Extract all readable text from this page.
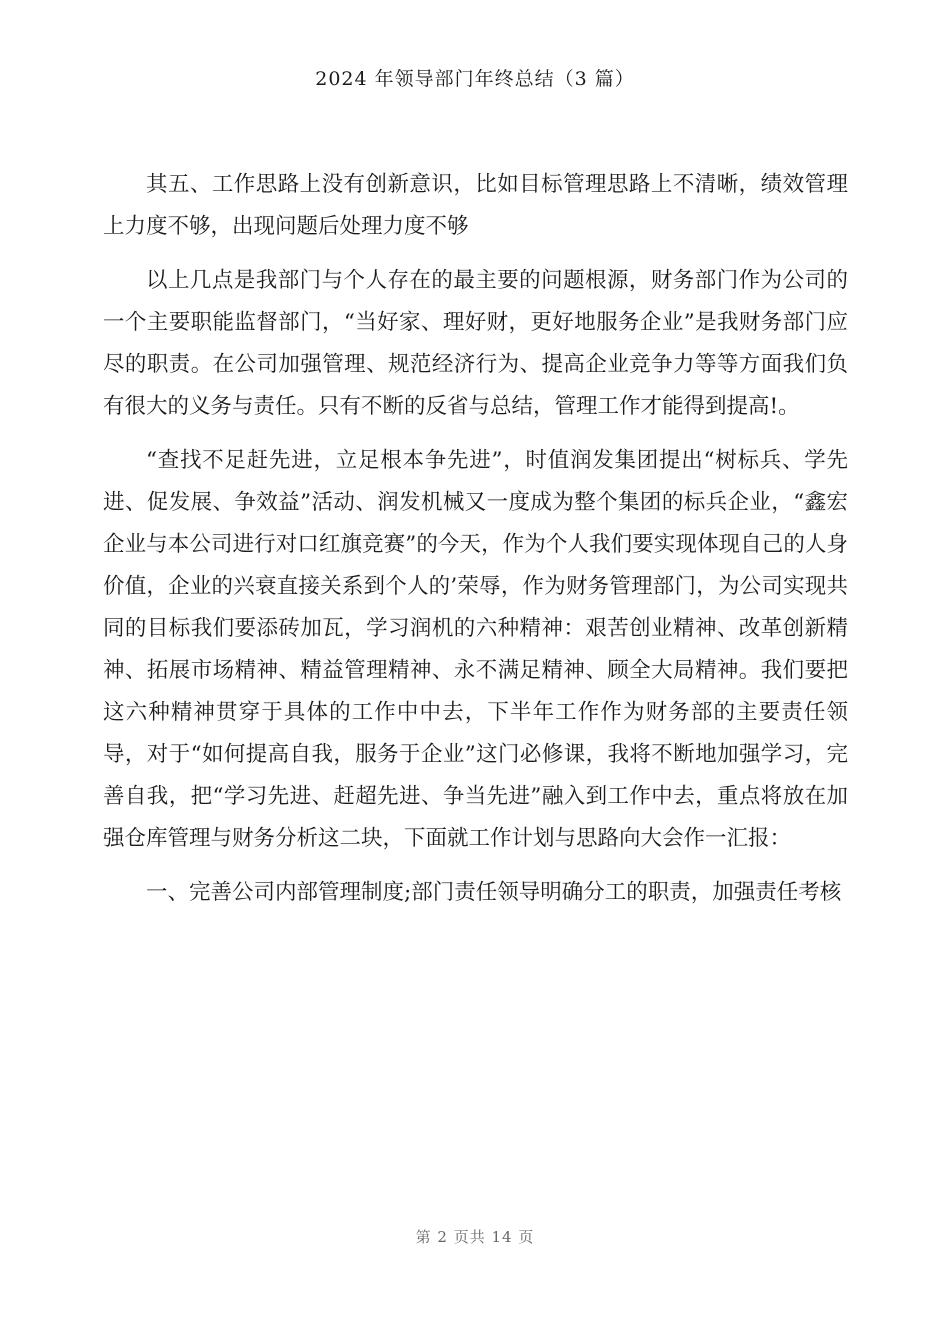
2024 年领导部门年终总结（3 篇）

其五、工作思路上没有创新意识，比如目标管理思路上不清晰，绩效管理上力度不够，出现问题后处理力度不够

以上几点是我部门与个人存在的最主要的问题根源，财务部门作为公司的一个主要职能监督部门，“当好家、理好财，更好地服务企业”是我财务部门应尽的职责。在公司加强管理、规范经济行为、提高企业竞争力等等方面我们负有很大的义务与责任。只有不断的反省与总结，管理工作才能得到提高!。

“查找不足赶先进，立足根本争先进”，时值润发集团提出“树标兵、学先进、促发展、争效益”活动、润发机械又一度成为整个集团的标兵企业，“鑫宏企业与本公司进行对口红旗竞赛”的今天，作为个人我们要实现体现自己的人身价值，企业的兴衰直接关系到个人的’荣辱，作为财务管理部门，为公司实现共同的目标我们要添砖加瓦，学习润机的六种精神：艰苦创业精神、改革创新精神、拓展市场精神、精益管理精神、永不满足精神、顾全大局精神。我们要把这六种精神贯穿于具体的工作中中去，下半年工作作为财务部的主要责任领导，对于“如何提高自我，服务于企业”这门必修课，我将不断地加强学习，完善自我，把“学习先进、赶超先进、争当先进”融入到工作中去，重点将放在加强仓库管理与财务分析这二块，下面就工作计划与思路向大会作一汇报：

一、完善公司内部管理制度;部门责任领导明确分工的职责，加强责任考核

第 2 页共 14 页
